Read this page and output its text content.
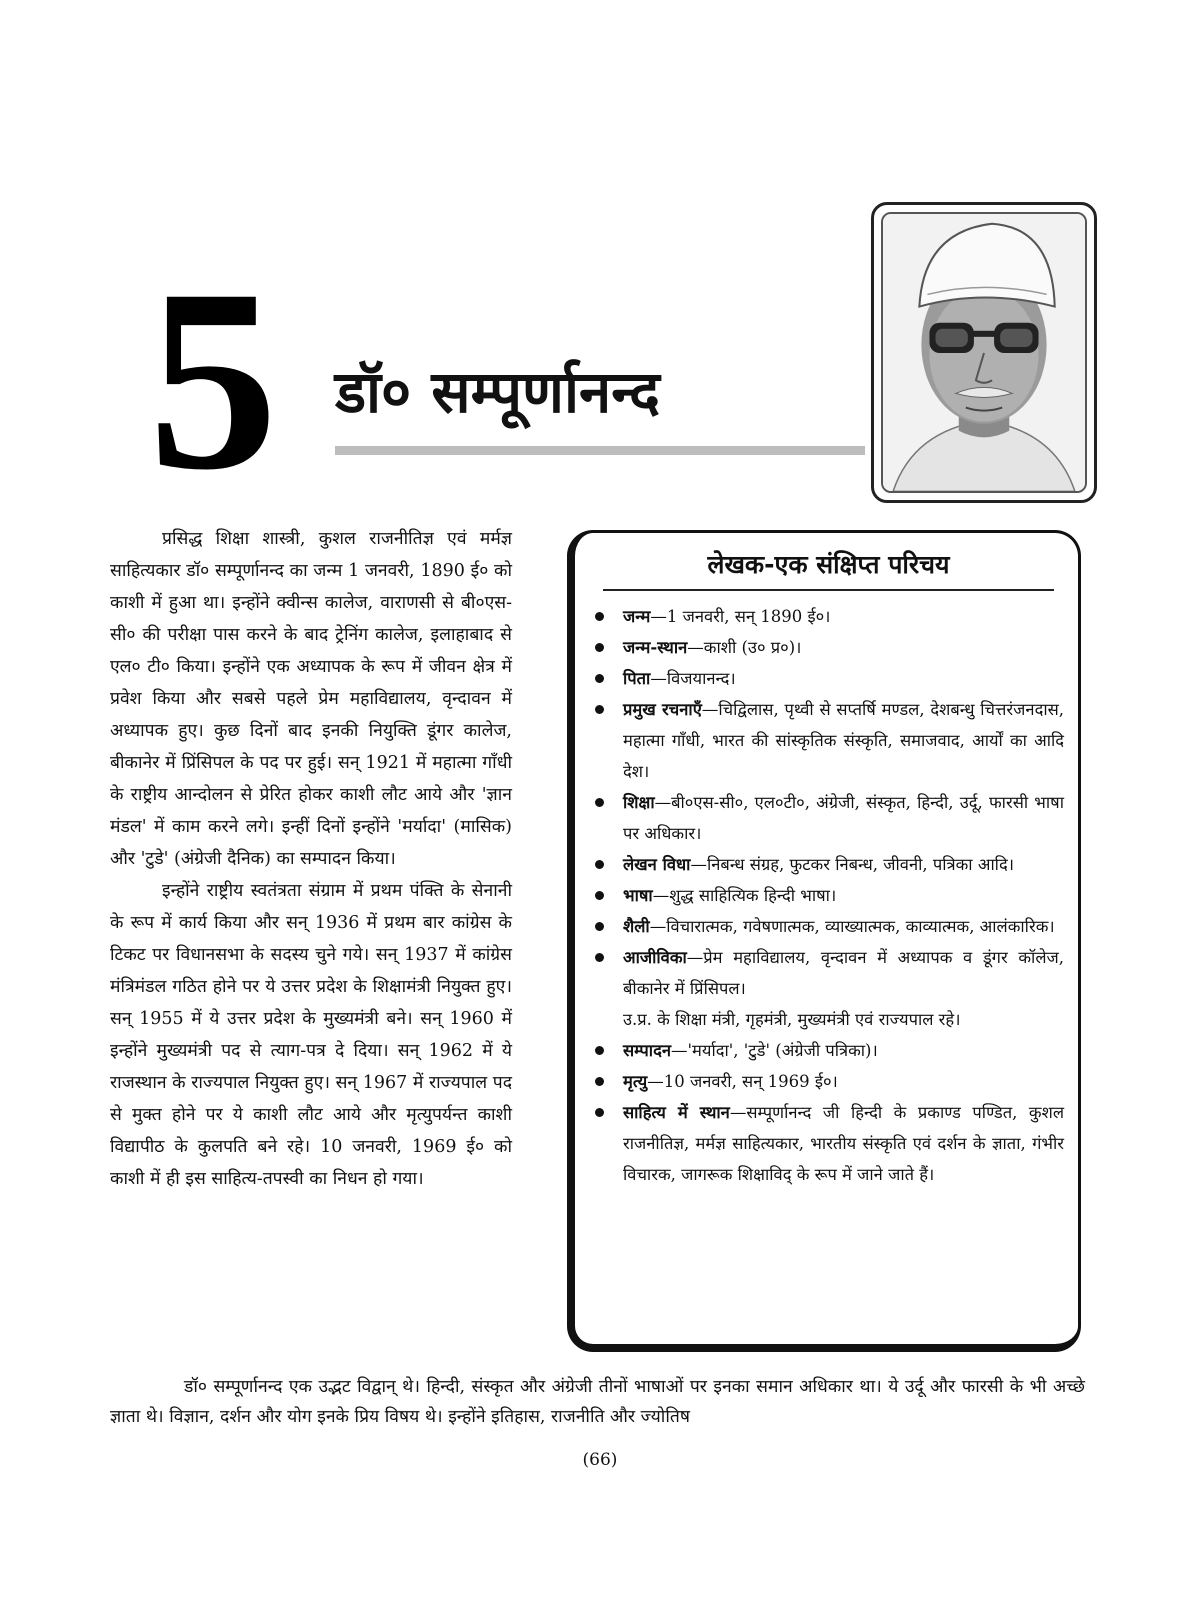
5 डॉ० सम्पूर्णानन्द

प्रसिद्ध शिक्षा शास्त्री, कुशल राजनीतिज्ञ एवं मर्मज्ञ साहित्यकार डॉ० सम्पूर्णानन्द का जन्म 1 जनवरी, 1890 ई० को काशी में हुआ था। इन्होंने क्वीन्स कालेज, वाराणसी से बी०एस-सी० की परीक्षा पास करने के बाद ट्रेनिंग कालेज, इलाहाबाद से एल० टी० किया। इन्होंने एक अध्यापक के रूप में जीवन क्षेत्र में प्रवेश किया और सबसे पहले प्रेम महाविद्यालय, वृन्दावन में अध्यापक हुए। कुछ दिनों बाद इनकी नियुक्ति डूंगर कालेज, बीकानेर में प्रिंसिपल के पद पर हुई। सन् 1921 में महात्मा गाँधी के राष्ट्रीय आन्दोलन से प्रेरित होकर काशी लौट आये और 'ज्ञान मंडल' में काम करने लगे। इन्हीं दिनों इन्होंने 'मर्यादा' (मासिक) और 'टुडे' (अंग्रेजी दैनिक) का सम्पादन किया।

इन्होंने राष्ट्रीय स्वतंत्रता संग्राम में प्रथम पंक्ति के सेनानी के रूप में कार्य किया और सन् 1936 में प्रथम बार कांग्रेस के टिकट पर विधानसभा के सदस्य चुने गये। सन् 1937 में कांग्रेस मंत्रिमंडल गठित होने पर ये उत्तर प्रदेश के शिक्षामंत्री नियुक्त हुए। सन् 1955 में ये उत्तर प्रदेश के मुख्यमंत्री बने। सन् 1960 में इन्होंने मुख्यमंत्री पद से त्याग-पत्र दे दिया। सन् 1962 में ये राजस्थान के राज्यपाल नियुक्त हुए। सन् 1967 में राज्यपाल पद से मुक्त होने पर ये काशी लौट आये और मृत्युपर्यन्त काशी विद्यापीठ के कुलपति बने रहे। 10 जनवरी, 1969 ई० को काशी में ही इस साहित्य-तपस्वी का निधन हो गया।

लेखक-एक संक्षिप्त परिचय
जन्म—1 जनवरी, सन् 1890 ई०।
जन्म-स्थान—काशी (उ० प्र०)।
पिता—विजयानन्द।
प्रमुख रचनाएँ—चिद्विलास, पृथ्वी से सप्तर्षि मण्डल, देशबन्धु चित्तरंजनदास, महात्मा गाँधी, भारत की सांस्कृतिक संस्कृति, समाजवाद, आर्यों का आदि देश।
शिक्षा—बी०एस-सी०, एल०टी०, अंग्रेजी, संस्कृत, हिन्दी, उर्दू, फारसी भाषा पर अधिकार।
लेखन विधा—निबन्ध संग्रह, फुटकर निबन्ध, जीवनी, पत्रिका आदि।
भाषा—शुद्ध साहित्यिक हिन्दी भाषा।
शैली—विचारात्मक, गवेषणात्मक, व्याख्यात्मक, काव्यात्मक, आलंकारिक।
आजीविका—प्रेम महाविद्यालय, वृन्दावन में अध्यापक व डूंगर कॉलेज, बीकानेर में प्रिंसिपल।
उ.प्र. के शिक्षा मंत्री, गृहमंत्री, मुख्यमंत्री एवं राज्यपाल रहे।
सम्पादन—'मर्यादा', 'टुडे' (अंग्रेजी पत्रिका)।
मृत्यु—10 जनवरी, सन् 1969 ई०।
साहित्य में स्थान—सम्पूर्णानन्द जी हिन्दी के प्रकाण्ड पण्डित, कुशल राजनीतिज्ञ, मर्मज्ञ साहित्यकार, भारतीय संस्कृति एवं दर्शन के ज्ञाता, गंभीर विचारक, जागरूक शिक्षाविद् के रूप में जाने जाते हैं।

डॉ० सम्पूर्णानन्द एक उद्भट विद्वान् थे। हिन्दी, संस्कृत और अंग्रेजी तीनों भाषाओं पर इनका समान अधिकार था। ये उर्दू और फारसी के भी अच्छे ज्ञाता थे। विज्ञान, दर्शन और योग इनके प्रिय विषय थे। इन्होंने इतिहास, राजनीति और ज्योतिष

(66)
